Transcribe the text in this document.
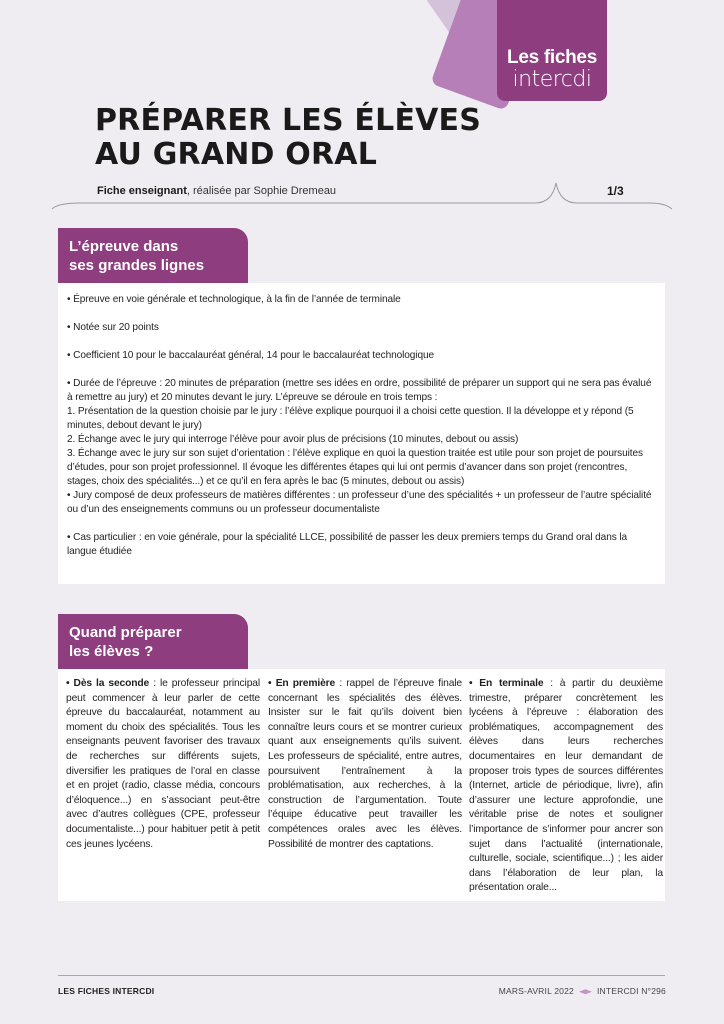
Les fiches
intercdi
PRÉPARER LES ÉLÈVES
AU GRAND ORAL
Fiche enseignant, réalisée par Sophie Dremeau	1/3
L’épreuve dans
ses grandes lignes

• Épreuve en voie générale et technologique, à la fin de l’année de terminale

• Notée sur 20 points

• Coefficient 10 pour le baccalauréat général, 14 pour le baccalauréat technologique

• Durée de l’épreuve : 20 minutes de préparation (mettre ses idées en ordre, possibilité de préparer un support qui ne sera pas évalué à remettre au jury) et 20 minutes devant le jury. L’épreuve se déroule en trois temps :

1. Présentation de la question choisie par le jury : l’élève explique pourquoi il a choisi cette question. Il la développe et y répond (5 minutes, debout devant le jury)

2. Échange avec le jury qui interroge l’élève pour avoir plus de précisions (10 minutes, debout ou assis)

3. Échange avec le jury sur son sujet d’orientation : l’élève explique en quoi la question traitée est utile pour son projet de poursuites d’études, pour son projet professionnel. Il évoque les différentes étapes qui lui ont permis d’avancer dans son projet (rencontres, stages, choix des spécialités...) et ce qu’il en fera après le bac (5 minutes, debout ou assis)

• Jury composé de deux professeurs de matières différentes : un professeur d’une des spécialités + un professeur de l’autre spécialité ou d’un des enseignements communs ou un professeur documentaliste

• Cas particulier : en voie générale, pour la spécialité LLCE, possibilité de passer les deux premiers temps du Grand oral dans la langue étudiée

Quand préparer
les élèves ?
• Dès la seconde : le professeur principal peut commencer à leur parler de cette épreuve du baccalauréat, notamment au moment du choix des spécialités. Tous les enseignants peuvent favoriser des travaux de recherches sur différents sujets, diversifier les pratiques de l’oral en classe et en projet (radio, classe média, concours d’éloquence...) en s’associant peut-être avec d’autres collègues (CPE, professeur documentaliste...) pour habituer petit à petit ces jeunes lycéens.
• En première : rappel de l’épreuve finale concernant les spécialités des élèves. Insister sur le fait qu’ils doivent bien connaître leurs cours et se montrer curieux quant aux enseignements qu’ils suivent. Les professeurs de spécialité, entre autres, poursuivent l’entraînement à la problématisation, aux recherches, à la construction de l’argumentation. Toute l’équipe éducative peut travailler les compétences orales avec les élèves. Possibilité de montrer des captations.
• En terminale : à partir du deuxième trimestre, préparer concrètement les lycéens à l’épreuve : élaboration des problématiques, accompagnement des élèves dans leurs recherches documentaires en leur demandant de proposer trois types de sources différentes (Internet, article de périodique, livre), afin d’assurer une lecture approfondie, une véritable prise de notes et souligner l’importance de s’informer pour ancrer son sujet dans l’actualité (internationale, culturelle, sociale, scientifique...) ; les aider dans l’élaboration de leur plan, la présentation orale...
LES FICHES INTERCDI	MARS-AVRIL 2022	INTERCDI N°296
